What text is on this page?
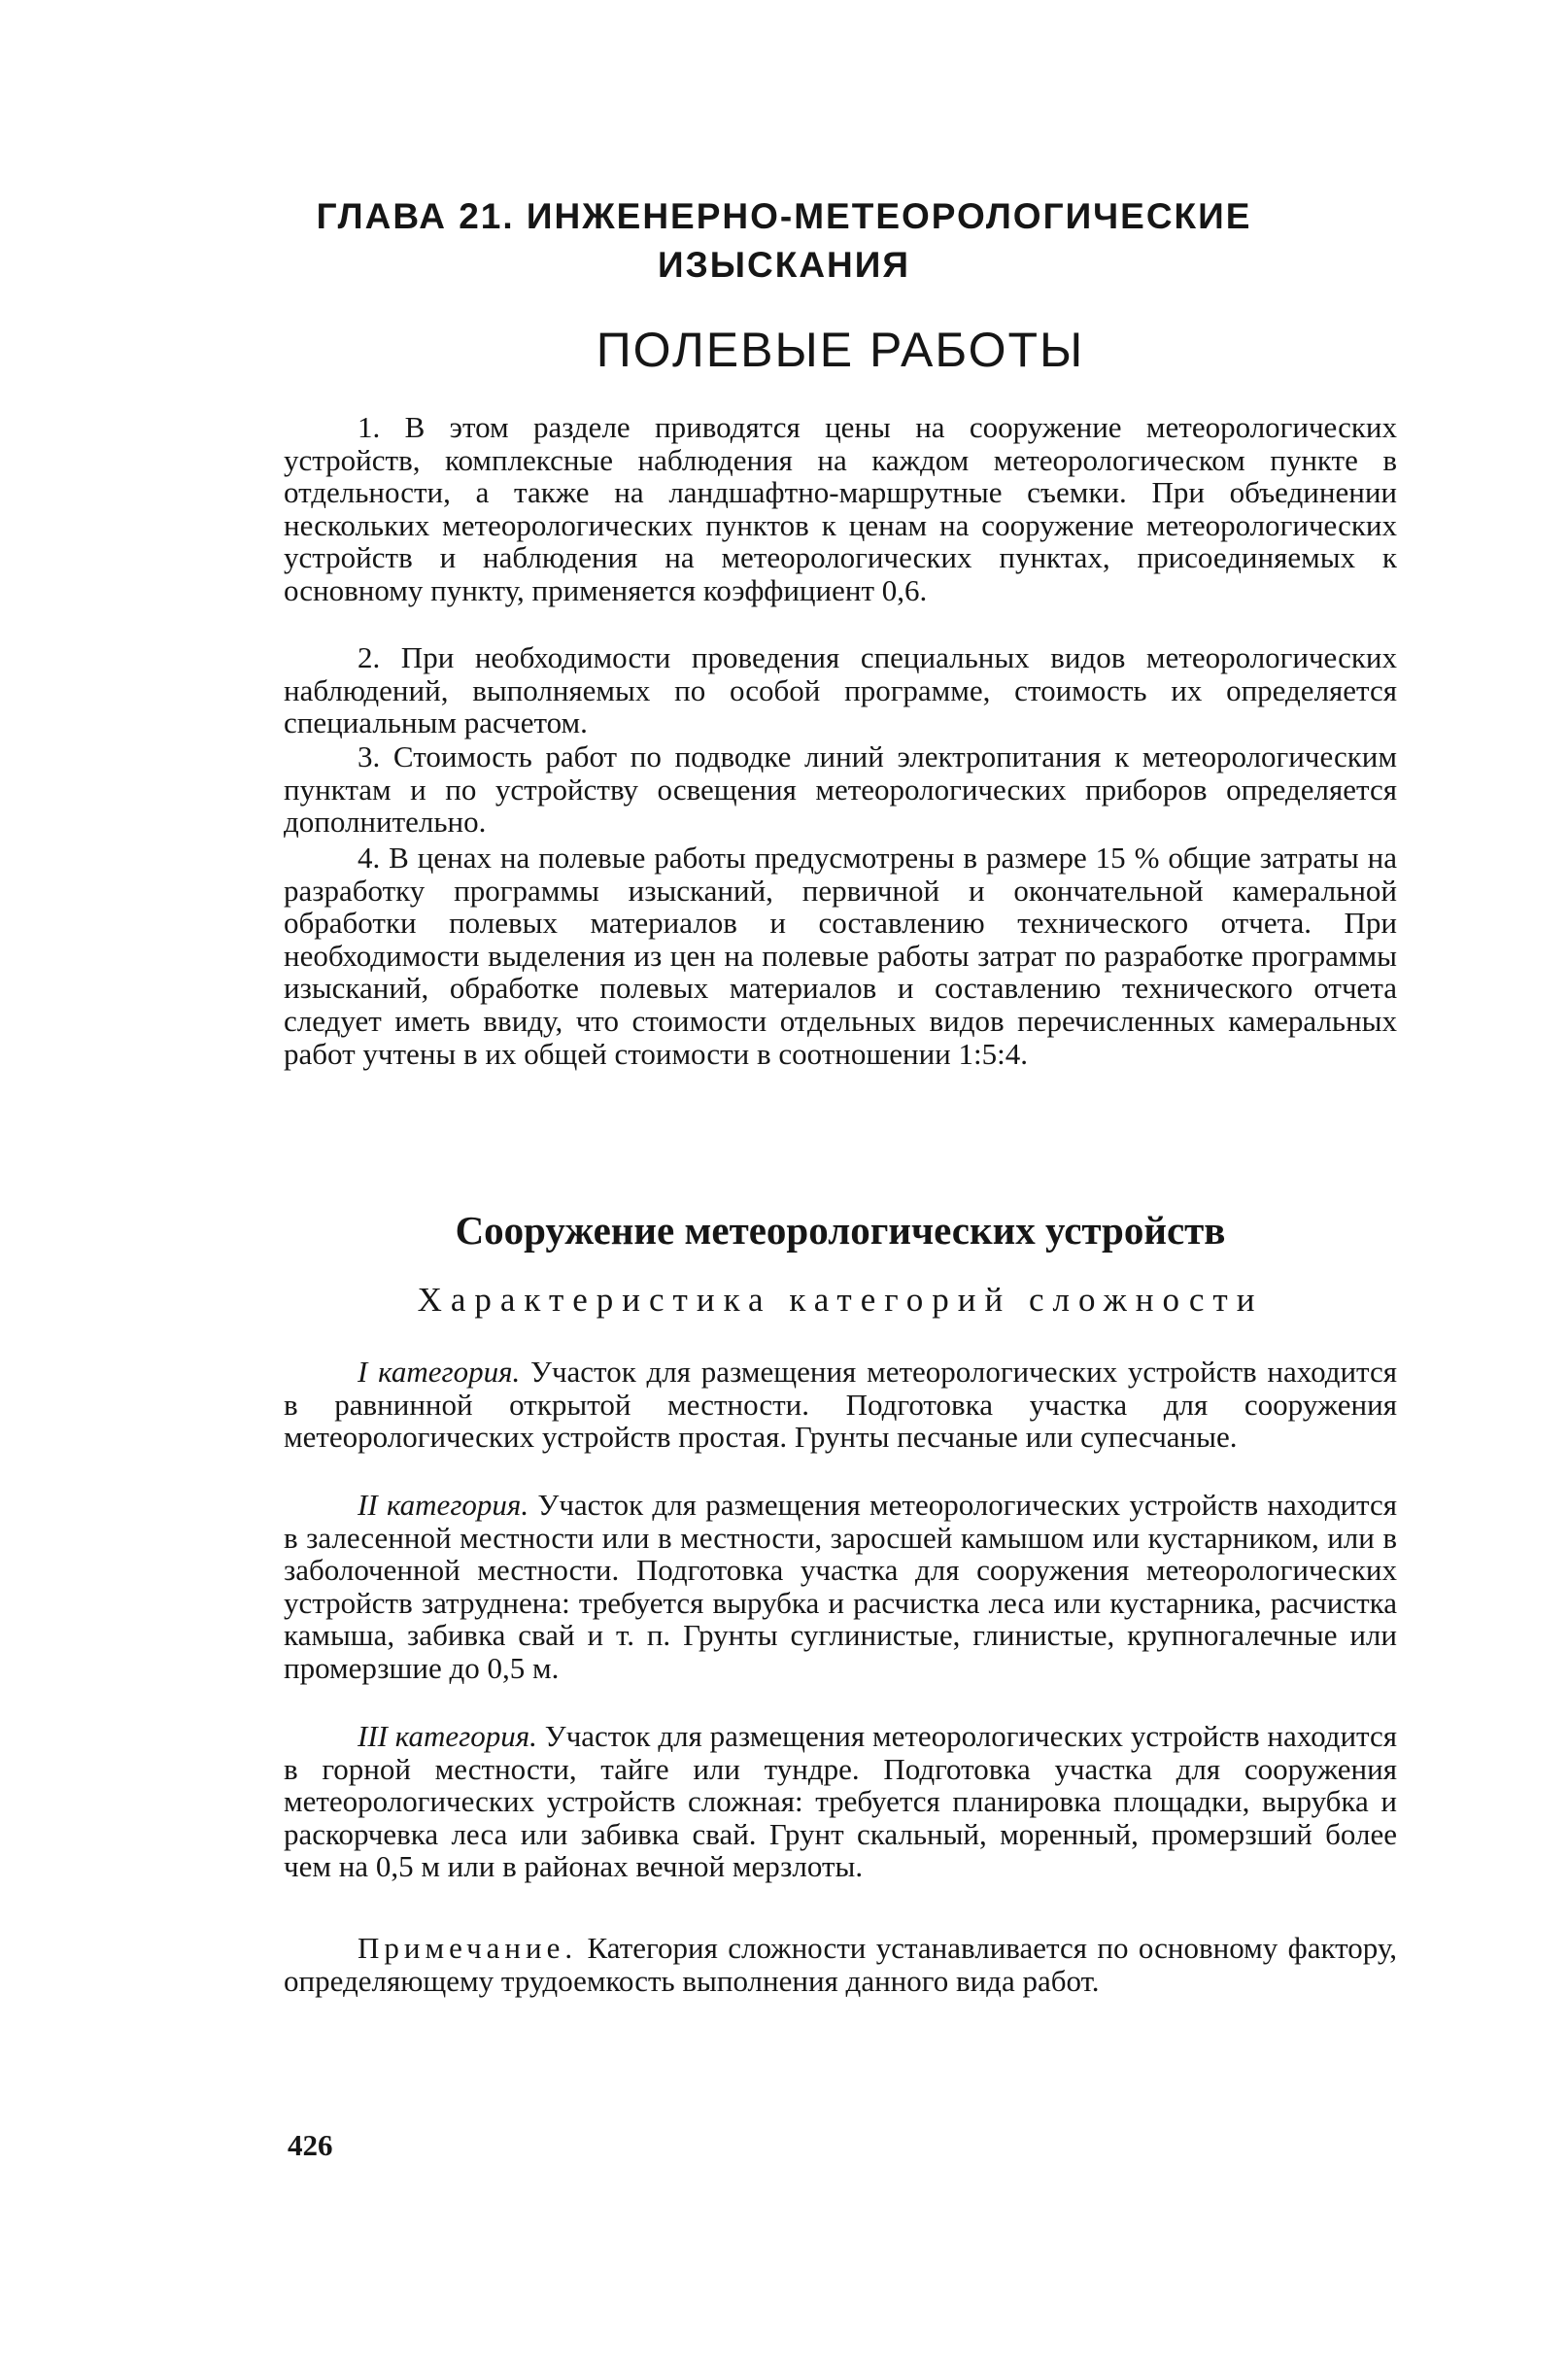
ГЛАВА 21. ИНЖЕНЕРНО-МЕТЕОРОЛОГИЧЕСКИЕ
ИЗЫСКАНИЯ
ПОЛЕВЫЕ РАБОТЫ

1. В этом разделе приводятся цены на сооружение метеорологических устройств, комплексные наблюдения на каждом метеорологическом пункте в отдельности, а также на ландшафтно-маршрутные съемки. При объединении нескольких метеорологических пунктов к ценам на сооружение метеорологических устройств и наблюдения на метеорологических пунктах, присоединяемых к основному пункту, применяется коэффициент 0,6.

2. При необходимости проведения специальных видов метеорологических наблюдений, выполняемых по особой программе, стоимость их определяется специальным расчетом.

3. Стоимость работ по подводке линий электропитания к метеорологическим пунктам и по устройству освещения метеорологических приборов определяется дополнительно.

4. В ценах на полевые работы предусмотрены в размере 15 % общие затраты на разработку программы изысканий, первичной и окончательной камеральной обработки полевых материалов и составлению технического отчета. При необходимости выделения из цен на полевые работы затрат по разработке программы изысканий, обработке полевых материалов и составлению технического отчета следует иметь ввиду, что стоимости отдельных видов перечисленных камеральных работ учтены в их общей стоимости в соотношении 1:5:4.

Сооружение метеорологических устройств
Характеристика категорий сложности

I категория. Участок для размещения метеорологических устройств находится в равнинной открытой местности. Подготовка участка для сооружения метеорологических устройств простая. Грунты песчаные или супесчаные.

II категория. Участок для размещения метеорологических устройств находится в залесенной местности или в местности, заросшей камышом или кустарником, или в заболоченной местности. Подготовка участка для сооружения метеорологических устройств затруднена: требуется вырубка и расчистка леса или кустарника, расчистка камыша, забивка свай и т. п. Грунты суглинистые, глинистые, крупногалечные или промерзшие до 0,5 м.

III категория. Участок для размещения метеорологических устройств находится в горной местности, тайге или тундре. Подготовка участка для сооружения метеорологических устройств сложная: требуется планировка площадки, вырубка и раскорчевка леса или забивка свай. Грунт скальный, моренный, промерзший более чем на 0,5 м или в районах вечной мерзлоты.

Примечание. Категория сложности устанавливается по основному фактору, определяющему трудоемкость выполнения данного вида работ.

426
